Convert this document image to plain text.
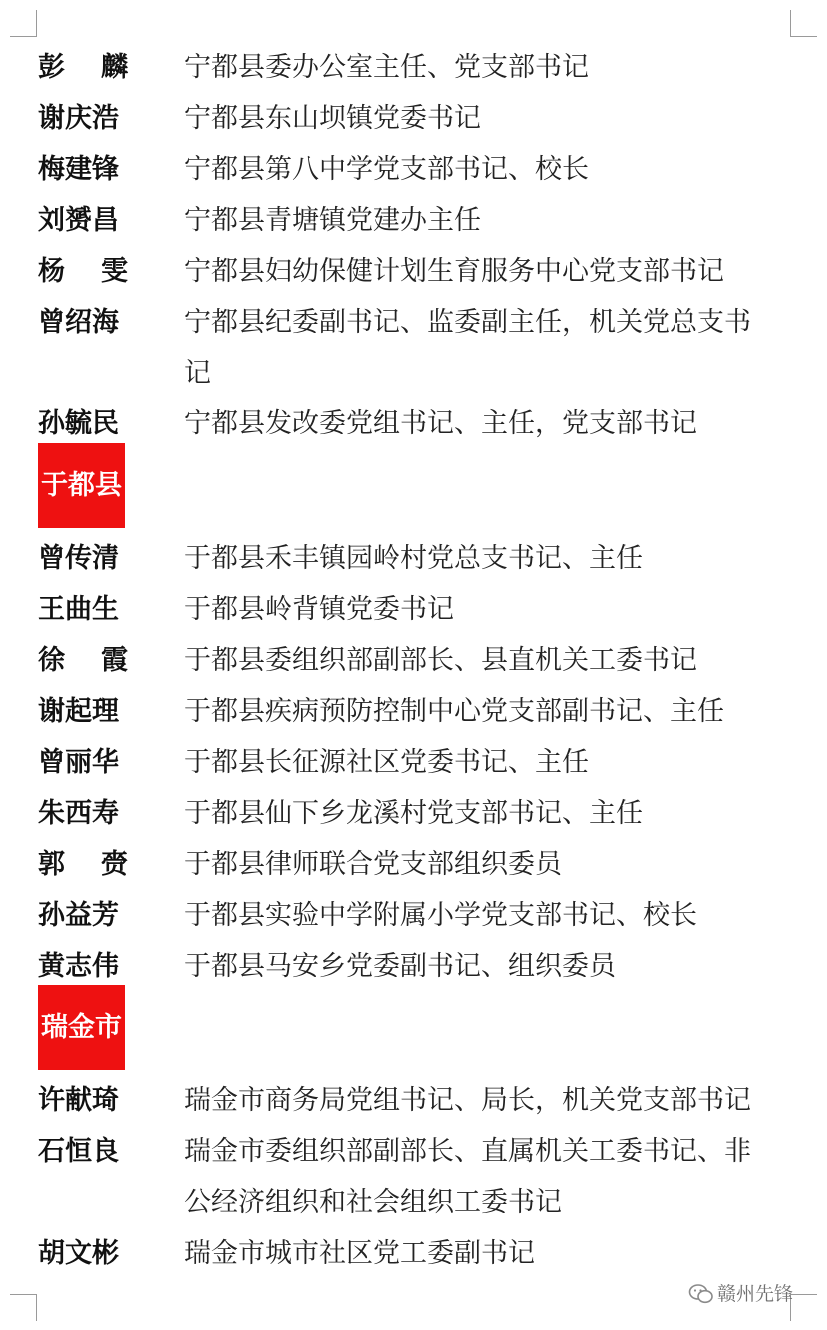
彭 麟 宁都县委办公室主任、党支部书记
谢庆浩	宁都县东山坝镇党委书记
梅建锋	宁都县第八中学党支部书记、校长
刘赟昌	宁都县青塘镇党建办主任
杨 雯 宁都县妇幼保健计划生育服务中心党支部书记
曾绍海	宁都县纪委副书记、监委副主任，机关党总支书
记
孙毓民	宁都县发改委党组书记、主任，党支部书记
于都县
曾传清	于都县禾丰镇园岭村党总支书记、主任
王曲生	于都县岭背镇党委书记
徐 霞 于都县委组织部副部长、县直机关工委书记
谢起理	于都县疾病预防控制中心党支部副书记、主任
曾丽华	于都县长征源社区党委书记、主任
朱西寿	于都县仙下乡龙溪村党支部书记、主任
郭 赍 于都县律师联合党支部组织委员
孙益芳	于都县实验中学附属小学党支部书记、校长
黄志伟	于都县马安乡党委副书记、组织委员
瑞金市
许献琦	瑞金市商务局党组书记、局长，机关党支部书记
石恒良	瑞金市委组织部副部长、直属机关工委书记、非
公经济组织和社会组织工委书记
胡文彬	瑞金市城市社区党工委副书记
赣州先锋
